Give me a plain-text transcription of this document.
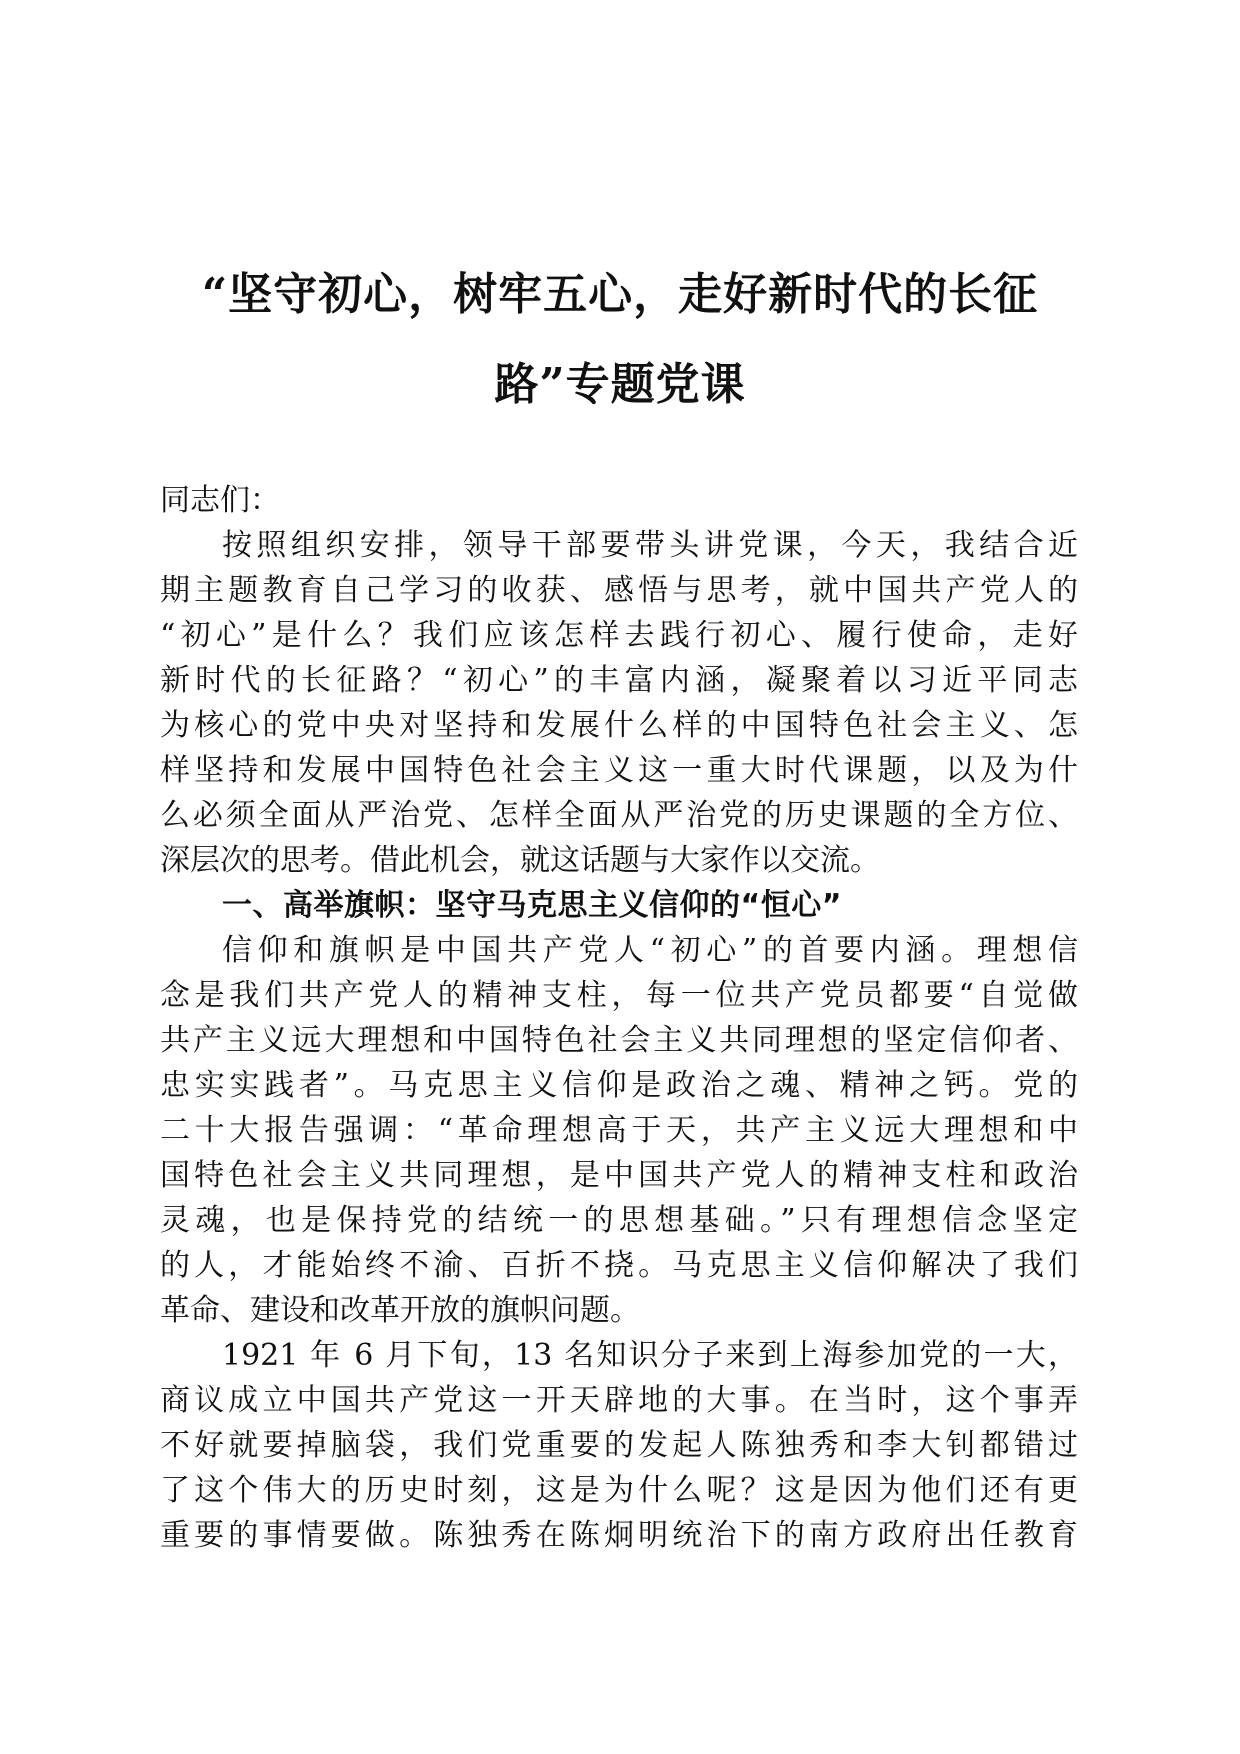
“坚守初心，树牢五心，走好新时代的长征
路”专题党课
同志们：
按照组织安排，领导干部要带头讲党课，今天，我结合近
期主题教育自己学习的收获、感悟与思考，就中国共产党人的
“初心”是什么？我们应该怎样去践行初心、履行使命，走好
新时代的长征路？“初心”的丰富内涵，凝聚着以习近平同志
为核心的党中央对坚持和发展什么样的中国特色社会主义、怎
样坚持和发展中国特色社会主义这一重大时代课题，以及为什
么必须全面从严治党、怎样全面从严治党的历史课题的全方位、
深层次的思考。借此机会，就这话题与大家作以交流。
一、高举旗帜：坚守马克思主义信仰的“恒心”
信仰和旗帜是中国共产党人“初心”的首要内涵。理想信
念是我们共产党人的精神支柱，每一位共产党员都要“自觉做
共产主义远大理想和中国特色社会主义共同理想的坚定信仰者、
忠实实践者”。马克思主义信仰是政治之魂、精神之钙。党的
二十大报告强调：“革命理想高于天，共产主义远大理想和中
国特色社会主义共同理想，是中国共产党人的精神支柱和政治
灵魂，也是保持党的结统一的思想基础。”只有理想信念坚定
的人，才能始终不渝、百折不挠。马克思主义信仰解决了我们
革命、建设和改革开放的旗帜问题。
1921 年 6 月下旬，13 名知识分子来到上海参加党的一大，
商议成立中国共产党这一开天辟地的大事。在当时，这个事弄
不好就要掉脑袋，我们党重要的发起人陈独秀和李大钊都错过
了这个伟大的历史时刻，这是为什么呢？这是因为他们还有更
重要的事情要做。陈独秀在陈炯明统治下的南方政府出任教育
